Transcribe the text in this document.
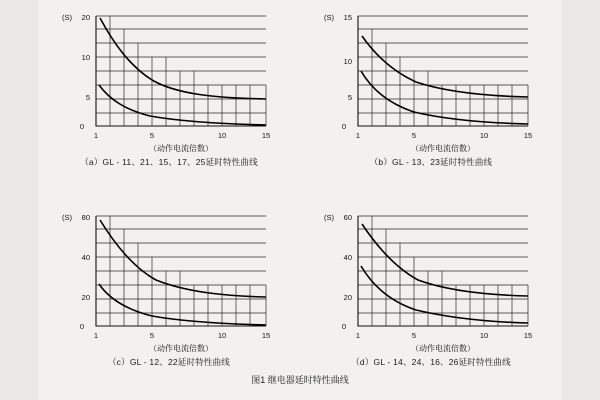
(S)
0
5
10
20
1	5	10	15
（动作电流倍数）
（a）GL - 11、21、15、17、25延时特性曲线
(S)
0
5
10
15
1	5	10	15
（动作电流倍数）
（b）GL - 13、23延时特性曲线
(S)
0
20
40
80
1	5	10	15
（动作电流倍数）
（c）GL - 12、22延时特性曲线
(S)
0
20
40
60
1	5	10	15
（动作电流倍数）
（d）GL - 14、24、16、26延时特性曲线
图1 继电器延时特性曲线
